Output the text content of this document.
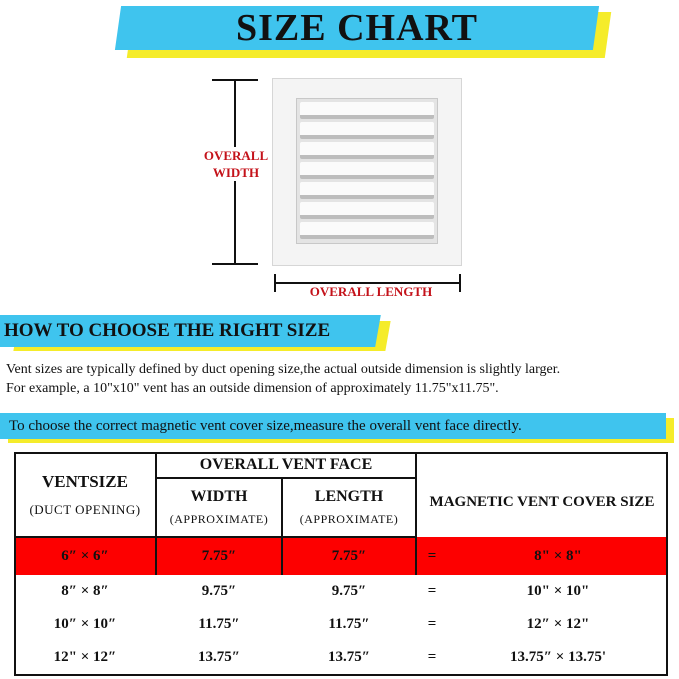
SIZE CHART
OVERALL
WIDTH
OVERALL LENGTH
HOW TO CHOOSE THE RIGHT SIZE
Vent sizes are typically defined by duct opening size,the actual outside dimension is slightly larger.
For example, a 10"x10" vent has an outside dimension of approximately 11.75"x11.75".
To choose the correct magnetic vent cover size,measure the overall vent face directly.
VENTSIZE
(DUCT OPENING)
OVERALL VENT FACE
WIDTH
(APPROXIMATE)
LENGTH
(APPROXIMATE)
MAGNETIC VENT COVER SIZE
6″ × 6″	7.75″	7.75″	=	8" × 8"
8″ × 8″	9.75″	9.75″	=	10" × 10"
10″ × 10″	11.75″	11.75″	=	12″ × 12"
12" × 12″	13.75″	13.75″	=	13.75″ × 13.75'
